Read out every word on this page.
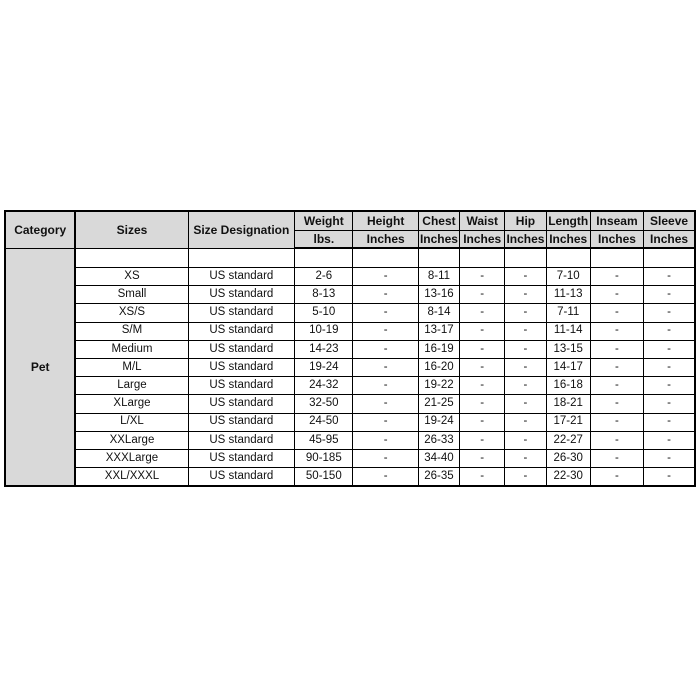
Category	Sizes	Size Designation	Weight	Height	Chest	Waist	Hip	Length	Inseam	Sleeve
			lbs.	Inches	Inches	Inches	Inches	Inches	Inches	Inches
Pet										
	XS	US standard	2-6	-	8-11	-	-	7-10	-	-
	Small	US standard	8-13	-	13-16	-	-	11-13	-	-
	XS/S	US standard	5-10	-	8-14	-	-	7-11	-	-
	S/M	US standard	10-19	-	13-17	-	-	11-14	-	-
	Medium	US standard	14-23	-	16-19	-	-	13-15	-	-
	M/L	US standard	19-24	-	16-20	-	-	14-17	-	-
	Large	US standard	24-32	-	19-22	-	-	16-18	-	-
	XLarge	US standard	32-50	-	21-25	-	-	18-21	-	-
	L/XL	US standard	24-50	-	19-24	-	-	17-21	-	-
	XXLarge	US standard	45-95	-	26-33	-	-	22-27	-	-
	XXXLarge	US standard	90-185	-	34-40	-	-	26-30	-	-
	XXL/XXXL	US standard	50-150	-	26-35	-	-	22-30	-	-
